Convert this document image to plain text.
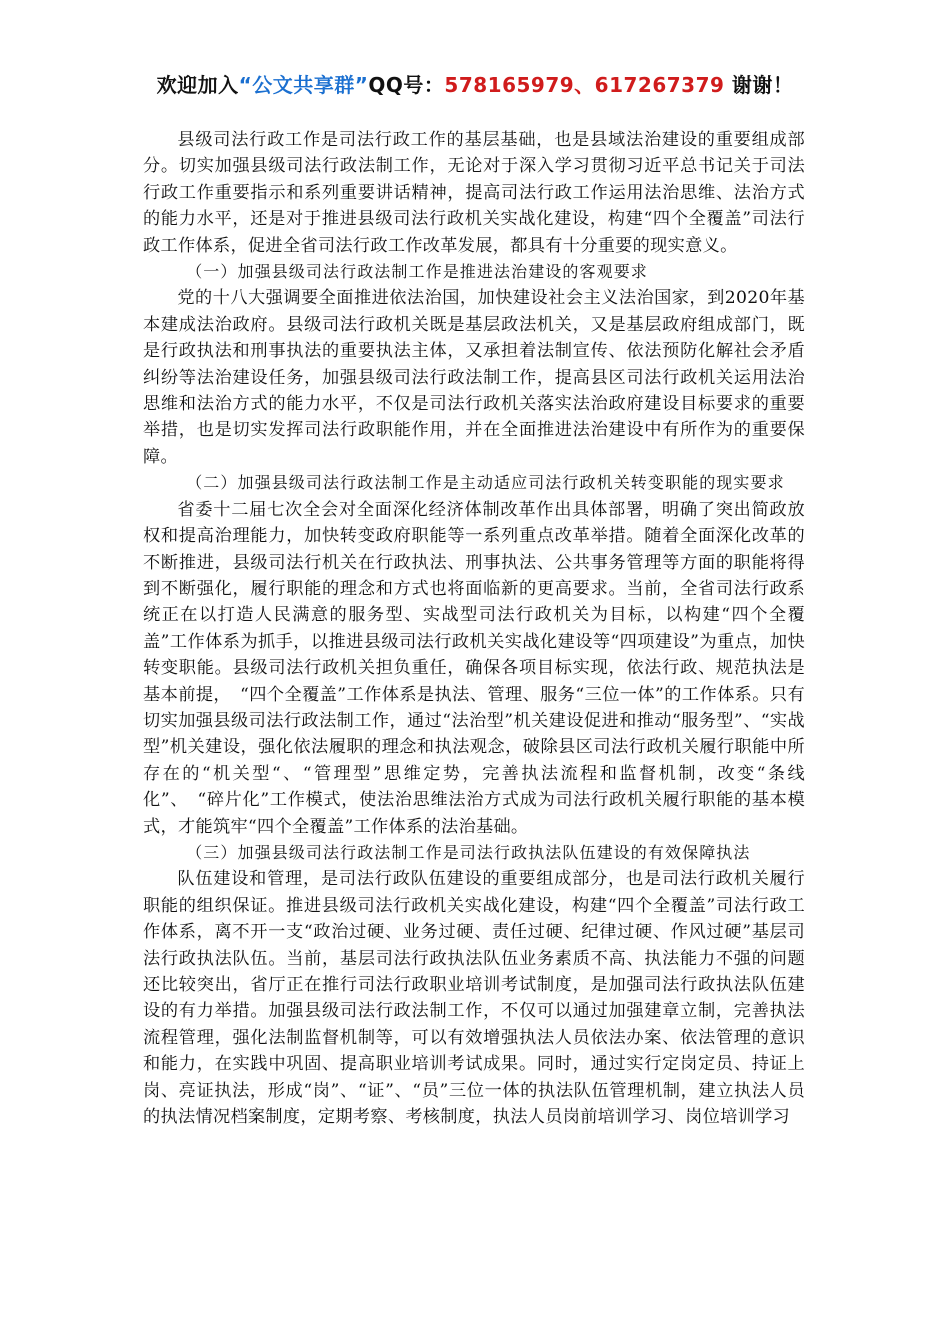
欢迎加入“公文共享群”QQ号：578165979、617267379 谢谢！

县级司法行政工作是司法行政工作的基层基础，也是县域法治建设的重要组成部分。切实加强县级司法行政法制工作，无论对于深入学习贯彻习近平总书记关于司法行政工作重要指示和系列重要讲话精神，提高司法行政工作运用法治思维、法治方式的能力水平，还是对于推进县级司法行政机关实战化建设，构建“四个全覆盖”司法行政工作体系，促进全省司法行政工作改革发展，都具有十分重要的现实意义。

（一）加强县级司法行政法制工作是推进法治建设的客观要求

党的十八大强调要全面推进依法治国，加快建设社会主义法治国家，到2020年基本建成法治政府。县级司法行政机关既是基层政法机关，又是基层政府组成部门，既是行政执法和刑事执法的重要执法主体，又承担着法制宣传、依法预防化解社会矛盾纠纷等法治建设任务，加强县级司法行政法制工作，提高县区司法行政机关运用法治思维和法治方式的能力水平，不仅是司法行政机关落实法治政府建设目标要求的重要举措，也是切实发挥司法行政职能作用，并在全面推进法治建设中有所作为的重要保障。

（二）加强县级司法行政法制工作是主动适应司法行政机关转变职能的现实要求

省委十二届七次全会对全面深化经济体制改革作出具体部署，明确了突出简政放权和提高治理能力，加快转变政府职能等一系列重点改革举措。随着全面深化改革的不断推进，县级司法行机关在行政执法、刑事执法、公共事务管理等方面的职能将得到不断强化，履行职能的理念和方式也将面临新的更高要求。当前，全省司法行政系统正在以打造人民满意的服务型、实战型司法行政机关为目标，以构建“四个全覆盖”工作体系为抓手，以推进县级司法行政机关实战化建设等“四项建设”为重点，加快转变职能。县级司法行政机关担负重任，确保各项目标实现，依法行政、规范执法是基本前提，　“四个全覆盖”工作体系是执法、管理、服务“三位一体”的工作体系。只有切实加强县级司法行政法制工作，通过“法治型”机关建设促进和推动“服务型”、“实战型”机关建设，强化依法履职的理念和执法观念，破除县区司法行政机关履行职能中所存在的“机关型“、“管理型”思维定势，完善执法流程和监督机制，改变“条线化”、　“碎片化”工作模式，使法治思维法治方式成为司法行政机关履行职能的基本模式，才能筑牢“四个全覆盖”工作体系的法治基础。

（三）加强县级司法行政法制工作是司法行政执法队伍建设的有效保障执法

队伍建设和管理，是司法行政队伍建设的重要组成部分，也是司法行政机关履行职能的组织保证。推进县级司法行政机关实战化建设，构建“四个全覆盖”司法行政工作体系，离不开一支“政治过硬、业务过硬、责任过硬、纪律过硬、作风过硬”基层司法行政执法队伍。当前，基层司法行政执法队伍业务素质不高、执法能力不强的问题还比较突出，省厅正在推行司法行政职业培训考试制度，是加强司法行政执法队伍建设的有力举措。加强县级司法行政法制工作，不仅可以通过加强建章立制，完善执法流程管理，强化法制监督机制等，可以有效增强执法人员依法办案、依法管理的意识和能力，在实践中巩固、提高职业培训考试成果。同时，通过实行定岗定员、持证上岗、亮证执法，形成“岗”、“证”、“员”三位一体的执法队伍管理机制，建立执法人员的执法情况档案制度，定期考察、考核制度，执法人员岗前培训学习、岗位培训学习
